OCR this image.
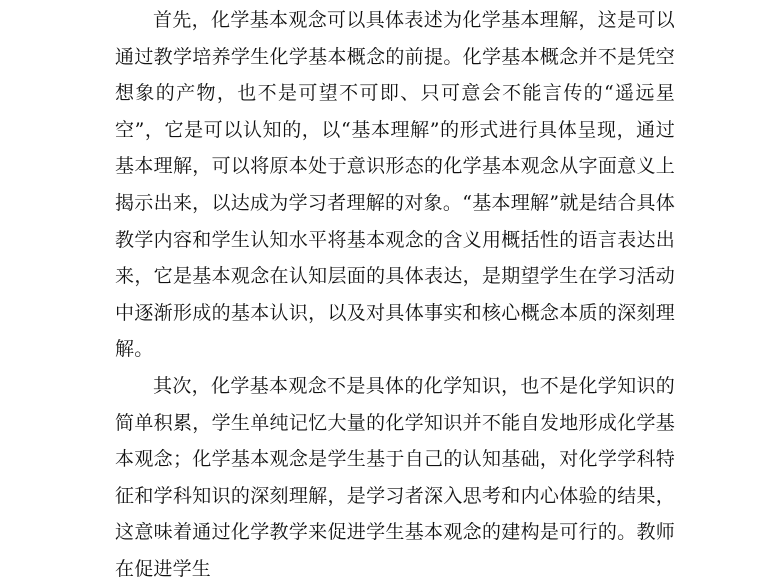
首先，化学基本观念可以具体表述为化学基本理解，这是可以通过教学培养学生化学基本概念的前提。化学基本概念并不是凭空想象的产物，也不是可望不可即、只可意会不能言传的“遥远星空”，它是可以认知的，以“基本理解”的形式进行具体呈现，通过基本理解，可以将原本处于意识形态的化学基本观念从字面意义上揭示出来，以达成为学习者理解的对象。“基本理解”就是结合具体教学内容和学生认知水平将基本观念的含义用概括性的语言表达出来，它是基本观念在认知层面的具体表达，是期望学生在学习活动中逐渐形成的基本认识，以及对具体事实和核心概念本质的深刻理解。

其次，化学基本观念不是具体的化学知识，也不是化学知识的简单积累，学生单纯记忆大量的化学知识并不能自发地形成化学基本观念；化学基本观念是学生基于自己的认知基础，对化学学科特征和学科知识的深刻理解，是学习者深入思考和内心体验的结果，这意味着通过化学教学来促进学生基本观念的建构是可行的。教师在促进学生
